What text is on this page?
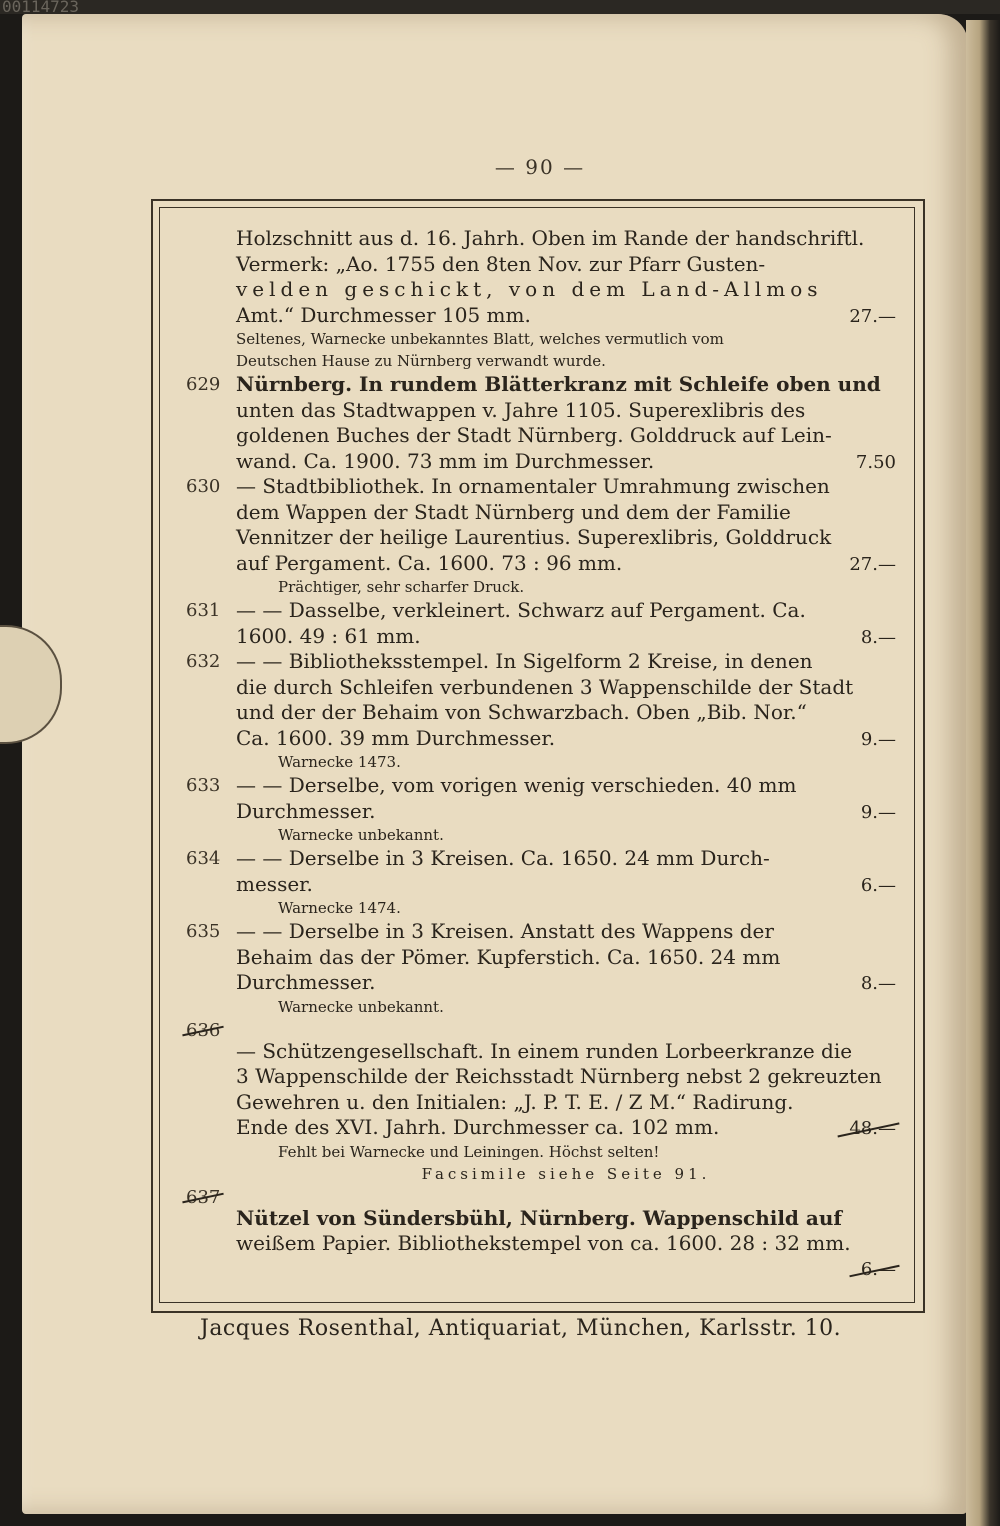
00114723
— 90 —
Holzschnitt aus d. 16. Jahrh. Oben im Rande der handschriftl.
Vermerk: „Ao. 1755 den 8ten Nov. zur Pfarr Gusten-
velden geschickt, von dem Land-Allmos
Amt.“ Durchmesser 105 mm.	27.—
Seltenes, Warnecke unbekanntes Blatt, welches vermutlich vom
Deutschen Hause zu Nürnberg verwandt wurde.
629 Nürnberg. In rundem Blätterkranz mit Schleife oben und
unten das Stadtwappen v. Jahre 1105. Superexlibris des
goldenen Buches der Stadt Nürnberg. Golddruck auf Lein-
wand. Ca. 1900. 73 mm im Durchmesser.	7.50
630 — Stadtbibliothek. In ornamentaler Umrahmung zwischen
dem Wappen der Stadt Nürnberg und dem der Familie
Vennitzer der heilige Laurentius. Superexlibris, Golddruck
auf Pergament. Ca. 1600. 73 : 96 mm.	27.—
Prächtiger, sehr scharfer Druck.
631 — — Dasselbe, verkleinert. Schwarz auf Pergament. Ca.
1600. 49 : 61 mm.	8.—
632 — — Bibliotheksstempel. In Sigelform 2 Kreise, in denen
die durch Schleifen verbundenen 3 Wappenschilde der Stadt
und der der Behaim von Schwarzbach. Oben „Bib. Nor.“
Ca. 1600. 39 mm Durchmesser.	9.—
Warnecke 1473.
633 — — Derselbe, vom vorigen wenig verschieden. 40 mm
Durchmesser.	9.—
Warnecke unbekannt.
634 — — Derselbe in 3 Kreisen. Ca. 1650. 24 mm Durch-
messer.	6.—
Warnecke 1474.
635 — — Derselbe in 3 Kreisen. Anstatt des Wappens der
Behaim das der Pömer. Kupferstich. Ca. 1650. 24 mm
Durchmesser.	8.—
Warnecke unbekannt.
636
— Schützengesellschaft. In einem runden Lorbeerkranze die
3 Wappenschilde der Reichsstadt Nürnberg nebst 2 gekreuzten
Gewehren u. den Initialen: „J. P. T. E. / Z M.“ Radirung.
Ende des XVI. Jahrh. Durchmesser ca. 102 mm.	48.—
Fehlt bei Warnecke und Leiningen. Höchst selten!
Facsimile siehe Seite 91.
637
Nützel von Sündersbühl, Nürnberg. Wappenschild auf
weißem Papier. Bibliothekstempel von ca. 1600. 28 : 32 mm.
6.—
Jacques Rosenthal, Antiquariat, München, Karlsstr. 10.
